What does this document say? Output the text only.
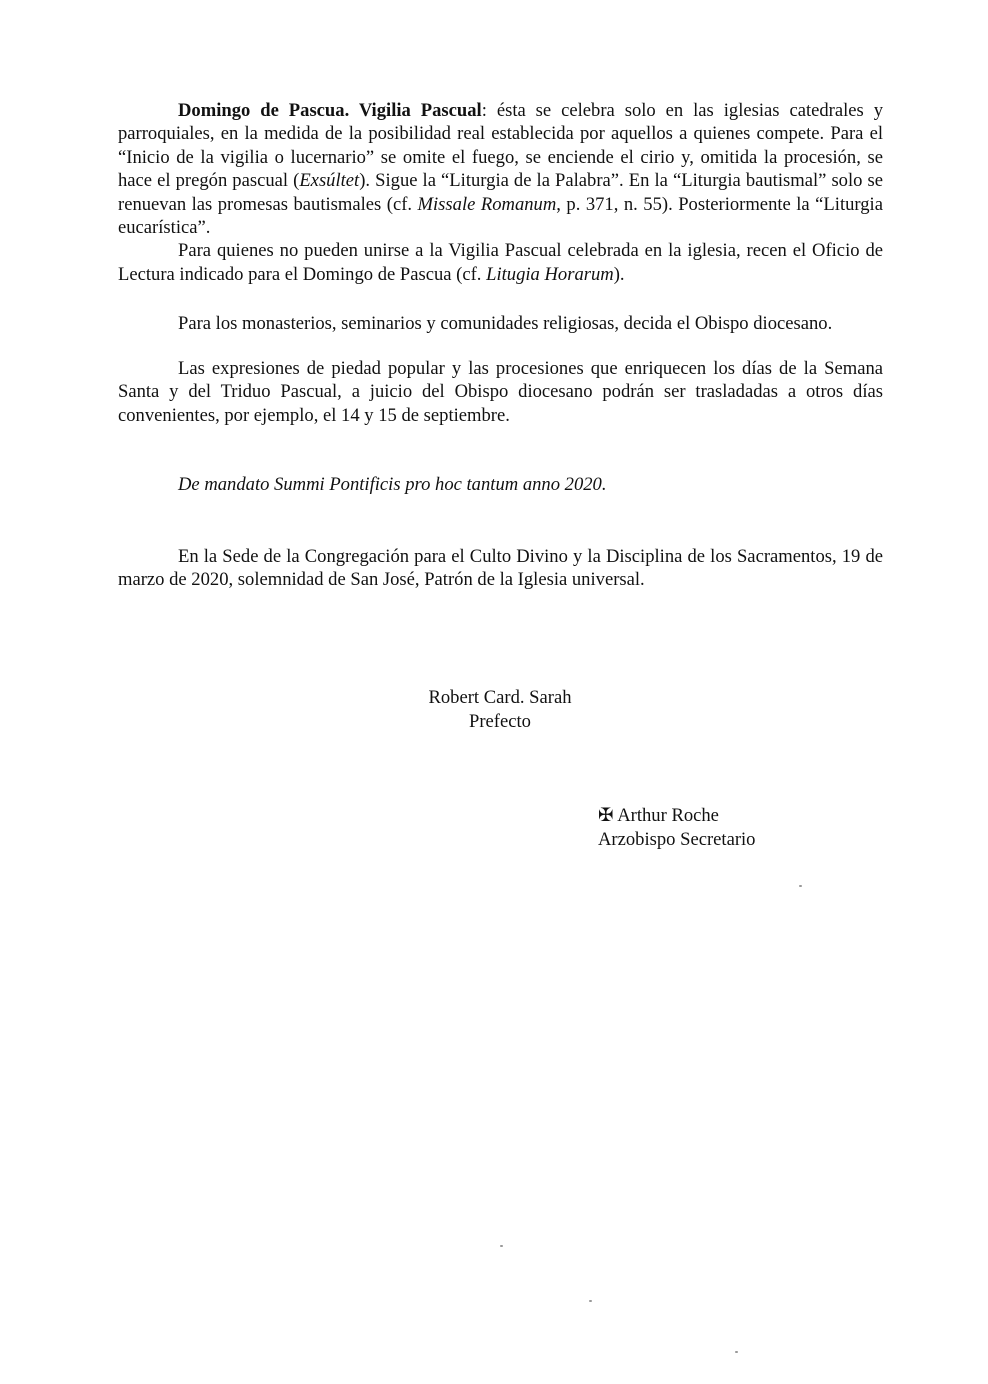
Domingo de Pascua. Vigilia Pascual: ésta se celebra solo en las iglesias catedrales y parroquiales, en la medida de la posibilidad real establecida por aquellos a quienes compete. Para el “Inicio de la vigilia o lucernario” se omite el fuego, se enciende el cirio y, omitida la procesión, se hace el pregón pascual (Exsúltet). Sigue la “Liturgia de la Palabra”. En la “Liturgia bautismal” solo se renuevan las promesas bautismales (cf. Missale Romanum, p. 371, n. 55). Posteriormente la “Liturgia eucarística”.

Para quienes no pueden unirse a la Vigilia Pascual celebrada en la iglesia, recen el Oficio de Lectura indicado para el Domingo de Pascua (cf. Litugia Horarum).

Para los monasterios, seminarios y comunidades religiosas, decida el Obispo diocesano.

Las expresiones de piedad popular y las procesiones que enriquecen los días de la Semana Santa y del Triduo Pascual, a juicio del Obispo diocesano podrán ser trasladadas a otros días convenientes, por ejemplo, el 14 y 15 de septiembre.

De mandato Summi Pontificis pro hoc tantum anno 2020.

En la Sede de la Congregación para el Culto Divino y la Disciplina de los Sacramentos, 19 de marzo de 2020, solemnidad de San José, Patrón de la Iglesia universal.

Robert Card. Sarah
Prefecto
✠ Arthur Roche
Arzobispo Secretario
